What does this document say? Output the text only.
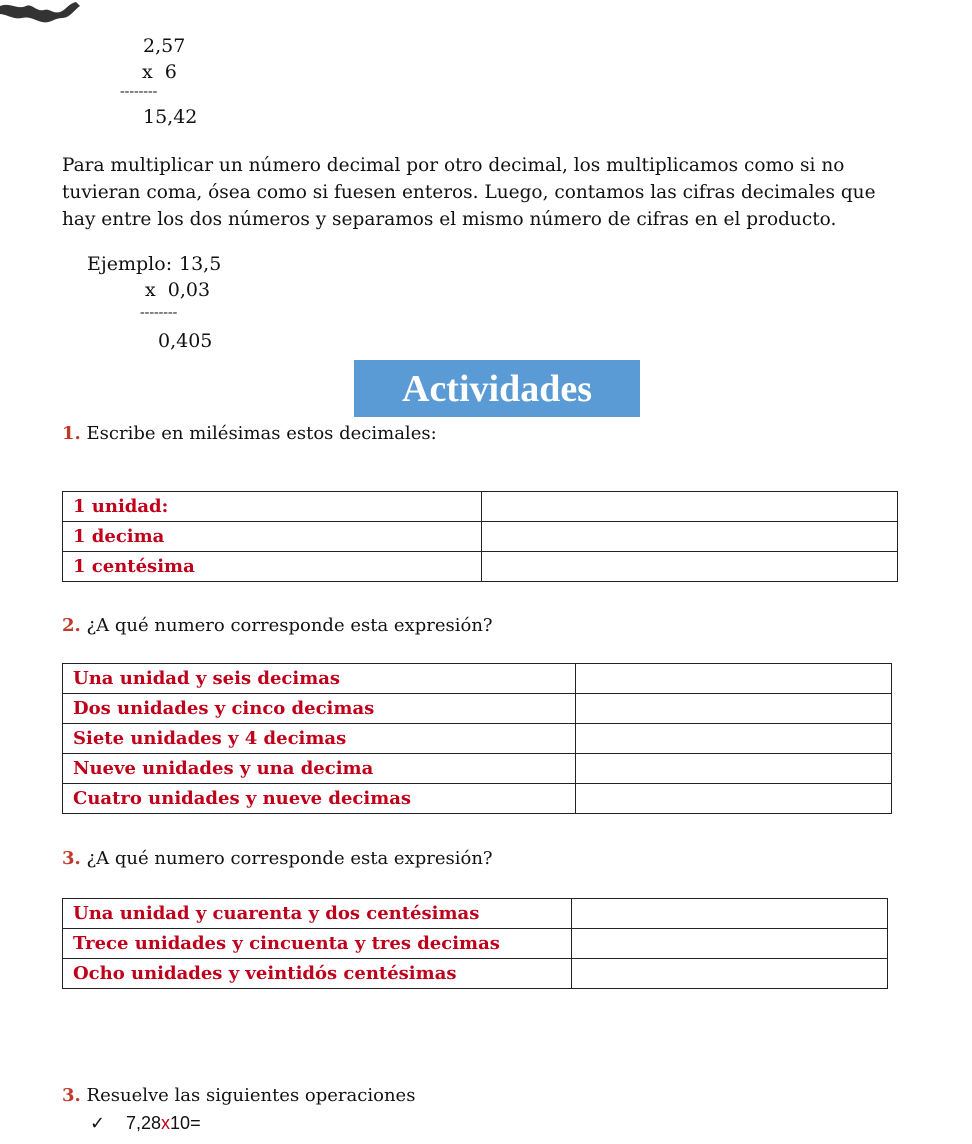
2,57
x  6
--------
15,42
Para multiplicar un número decimal por otro decimal, los multiplicamos como si no tuvieran coma, ósea como si fuesen enteros. Luego, contamos las cifras decimales que hay entre los dos números y separamos el mismo número de cifras en el producto.
Ejemplo: 13,5
x  0,03
--------
0,405
Actividades
1. Escribe en milésimas estos decimales:
1 unidad:	
1 decima	
1 centésima	
2. ¿A qué numero corresponde esta expresión?
Una unidad y seis decimas	
Dos unidades y cinco decimas	
Siete unidades y 4 decimas	
Nueve unidades y una decima	
Cuatro unidades y nueve decimas	
3. ¿A qué numero corresponde esta expresión?
Una unidad y cuarenta y dos centésimas	
Trece unidades y cincuenta y tres decimas	
Ocho unidades y veintidós centésimas	
3. Resuelve las siguientes operaciones
✓ 7,28x10=
